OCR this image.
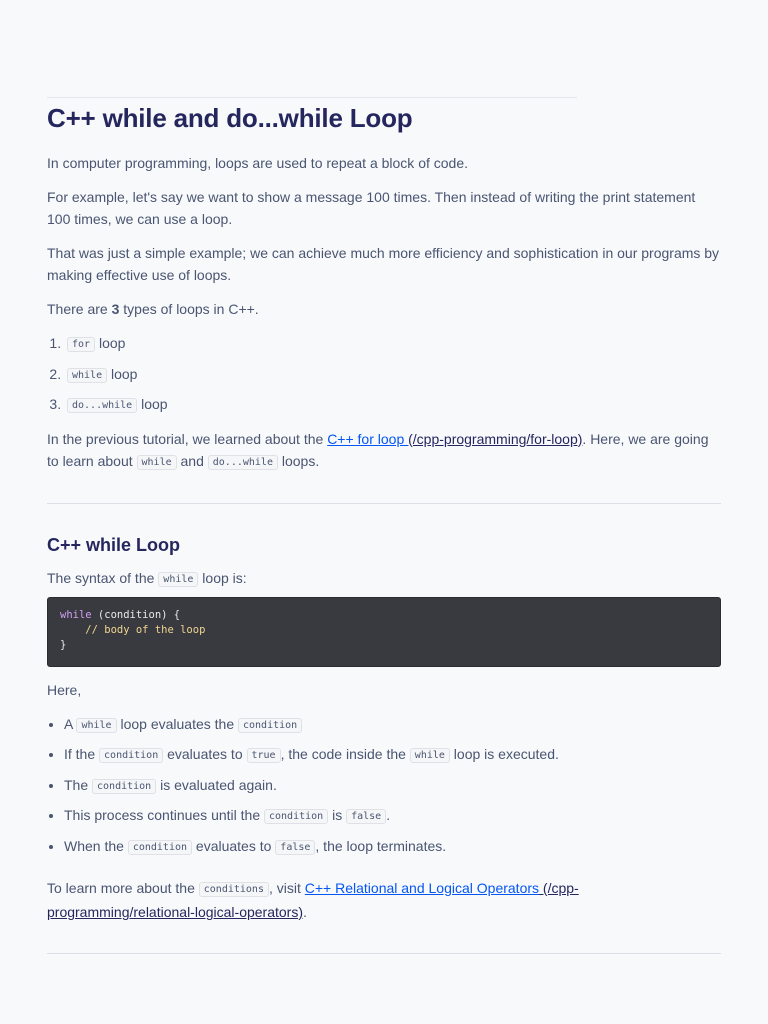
C++ while and do...while Loop

In computer programming, loops are used to repeat a block of code.

For example, let's say we want to show a message 100 times. Then instead of writing the print statement 100 times, we can use a loop.

That was just a simple example; we can achieve much more efficiency and sophistication in our programs by making effective use of loops.

There are 3 types of loops in C++.

1. for loop
2. while loop
3. do...while loop

In the previous tutorial, we learned about the C++ for loop (/cpp-programming/for-loop). Here, we are going to learn about while and do...while loops.

C++ while Loop

The syntax of the while loop is:

while (condition) {
// body of the loop
}

Here,

• A while loop evaluates the condition
• If the condition evaluates to true , the code inside the while loop is executed.
• The condition is evaluated again.
• This process continues until the condition is false .
• When the condition evaluates to false , the loop terminates.

To learn more about the conditions , visit C++ Relational and Logical Operators (/cpp-programming/relational-logical-operators).
